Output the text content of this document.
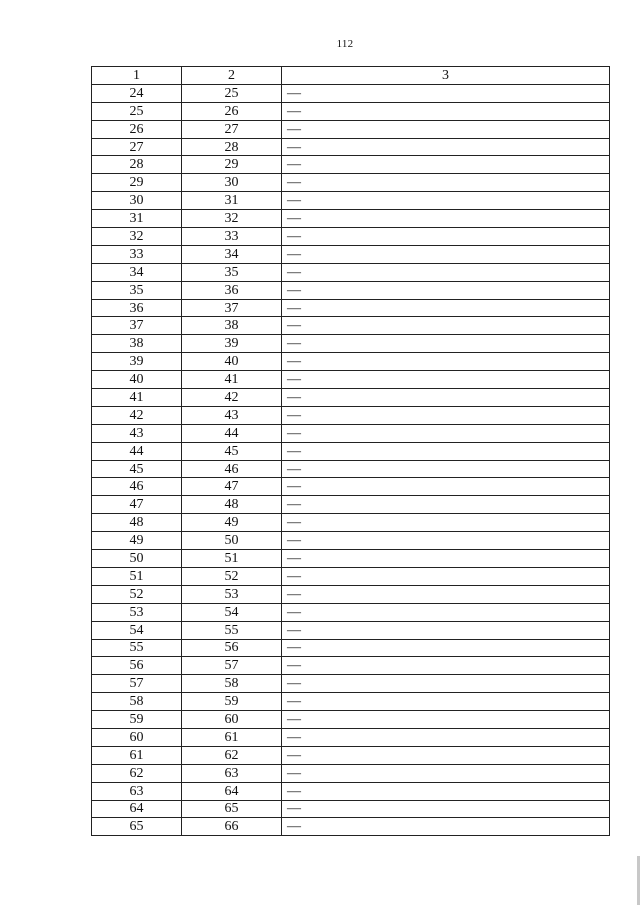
112
1	2	3
24	25	—
25	26	—
26	27	—
27	28	—
28	29	—
29	30	—
30	31	—
31	32	—
32	33	—
33	34	—
34	35	—
35	36	—
36	37	—
37	38	—
38	39	—
39	40	—
40	41	—
41	42	—
42	43	—
43	44	—
44	45	—
45	46	—
46	47	—
47	48	—
48	49	—
49	50	—
50	51	—
51	52	—
52	53	—
53	54	—
54	55	—
55	56	—
56	57	—
57	58	—
58	59	—
59	60	—
60	61	—
61	62	—
62	63	—
63	64	—
64	65	—
65	66	—
